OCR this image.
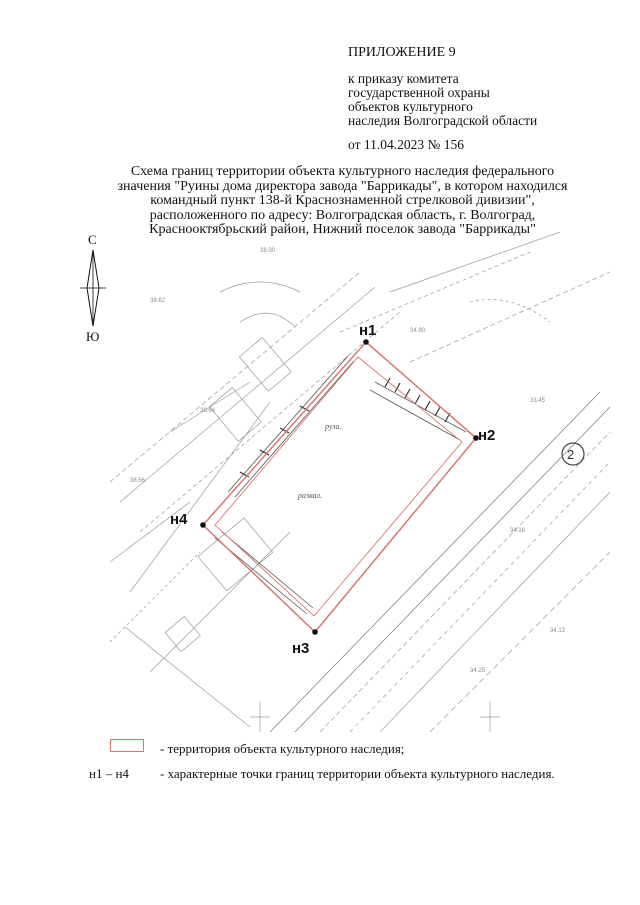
ПРИЛОЖЕНИЕ 9
к приказу комитета
государственной охраны
объектов культурного
наследия Волгоградской области
от 11.04.2023 № 156
Схема границ территории объекта культурного наследия федерального
значения "Руины дома директора завода "Баррикады", в котором находился
командный пункт 138-й Краснознаменной стрелковой дивизии",
расположенного по адресу: Волгоградская область, г. Волгоград,
Краснооктябрьский район, Нижний поселок завода "Баррикады"
С
Ю
38.00
38.62
38.64
38.56
34.90
33.45
34.13
34.25
34.16
н1
н2
н3
н4
руза.
развал.
2
- территория объекта культурного наследия;
н1 – н4 - характерные точки границ территории объекта культурного наследия.
